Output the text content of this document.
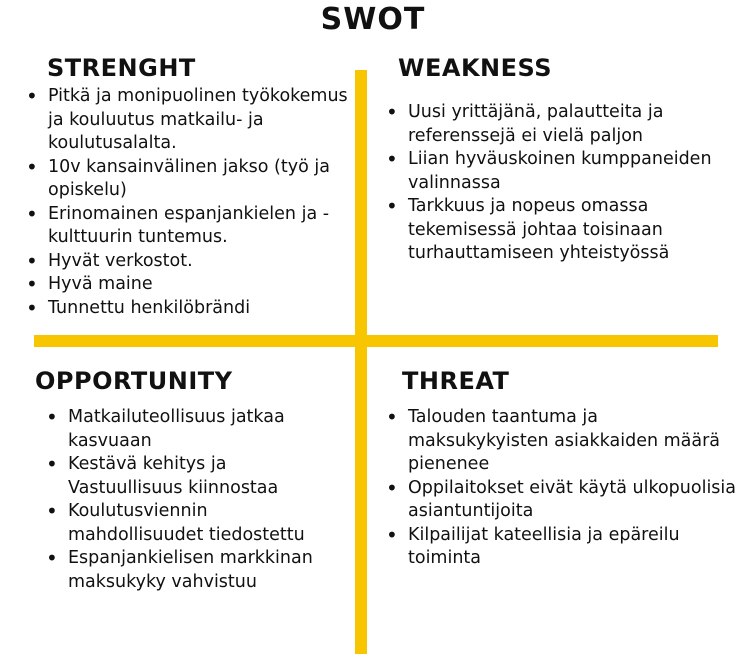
SWOT
STRENGHT
• Pitkä ja monipuolinen työkokemus ja kouluutus matkailu- ja koulutusalalta.
• 10v kansainvälinen jakso (työ ja opiskelu)
• Erinomainen espanjankielen ja -kulttuurin tuntemus.
• Hyvät verkostot.
• Hyvä maine
• Tunnettu henkilöbrändi
WEAKNESS
• Uusi yrittäjänä, palautteita ja referenssejä ei vielä paljon
• Liian hyväuskoinen kumppaneiden valinnassa
• Tarkkuus ja nopeus omassa tekemisessä johtaa toisinaan turhauttamiseen yhteistyössä
OPPORTUNITY
• Matkailuteollisuus jatkaa kasvuaan
• Kestävä kehitys ja Vastuullisuus kiinnostaa
• Koulutusviennin mahdollisuudet tiedostettu
• Espanjankielisen markkinan maksukyky vahvistuu
THREAT
• Talouden taantuma ja maksukykyisten asiakkaiden määrä pienenee
• Oppilaitokset eivät käytä ulkopuolisia asiantuntijoita
• Kilpailijat kateellisia ja epäreilu toiminta
